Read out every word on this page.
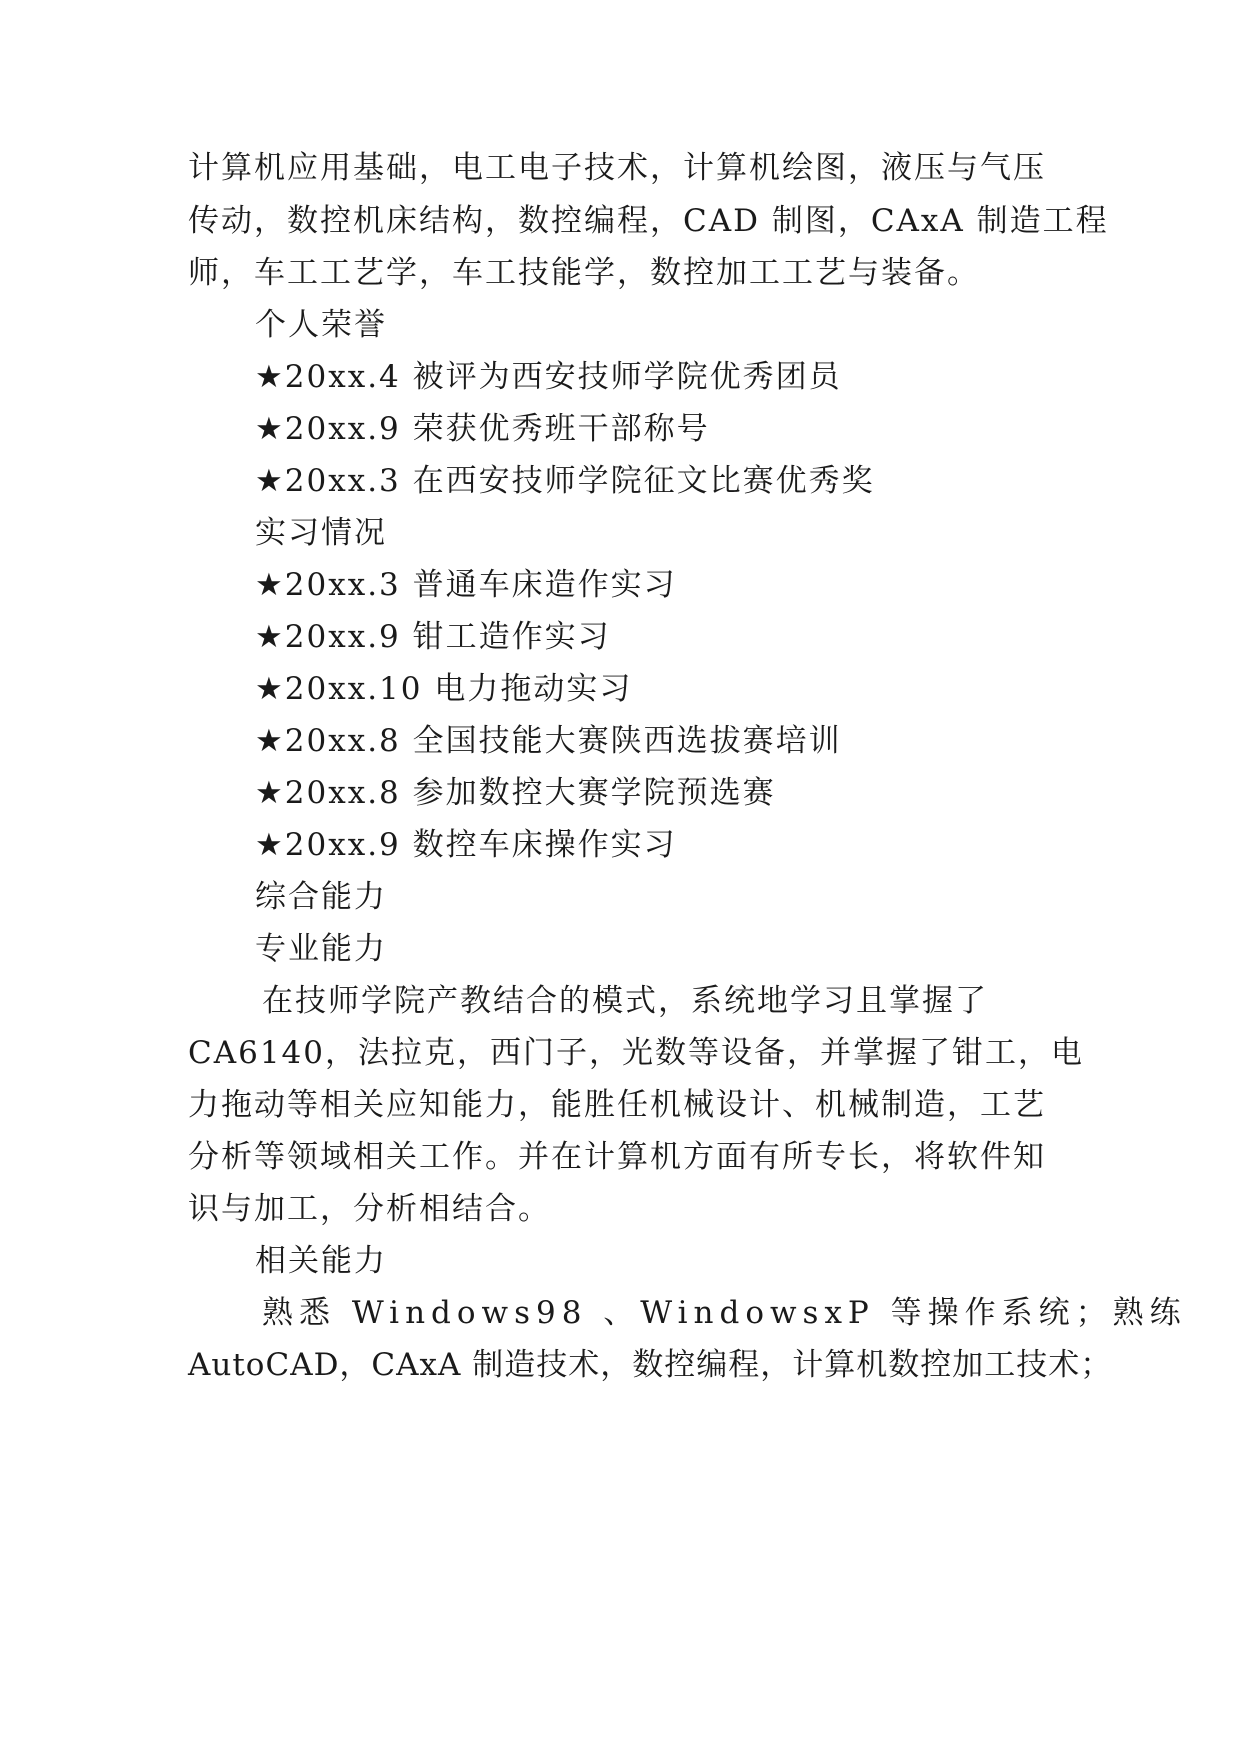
计算机应用基础，电工电子技术，计算机绘图，液压与气压
传动，数控机床结构，数控编程，CAD 制图，CAxA 制造工程
师，车工工艺学，车工技能学，数控加工工艺与装备。
个人荣誉
★20xx.4 被评为西安技师学院优秀团员
★20xx.9 荣获优秀班干部称号
★20xx.3 在西安技师学院征文比赛优秀奖
实习情况
★20xx.3 普通车床造作实习
★20xx.9 钳工造作实习
★20xx.10 电力拖动实习
★20xx.8 全国技能大赛陕西选拔赛培训
★20xx.8 参加数控大赛学院预选赛
★20xx.9 数控车床操作实习
综合能力
专业能力
在技师学院产教结合的模式，系统地学习且掌握了
CA6140，法拉克，西门子，光数等设备，并掌握了钳工，电
力拖动等相关应知能力，能胜任机械设计、机械制造，工艺
分析等领域相关工作。并在计算机方面有所专长，将软件知
识与加工，分析相结合。
相关能力
熟悉 Windows98 、WindowsxP 等操作系统；熟练
AutoCAD，CAxA 制造技术，数控编程，计算机数控加工技术；
